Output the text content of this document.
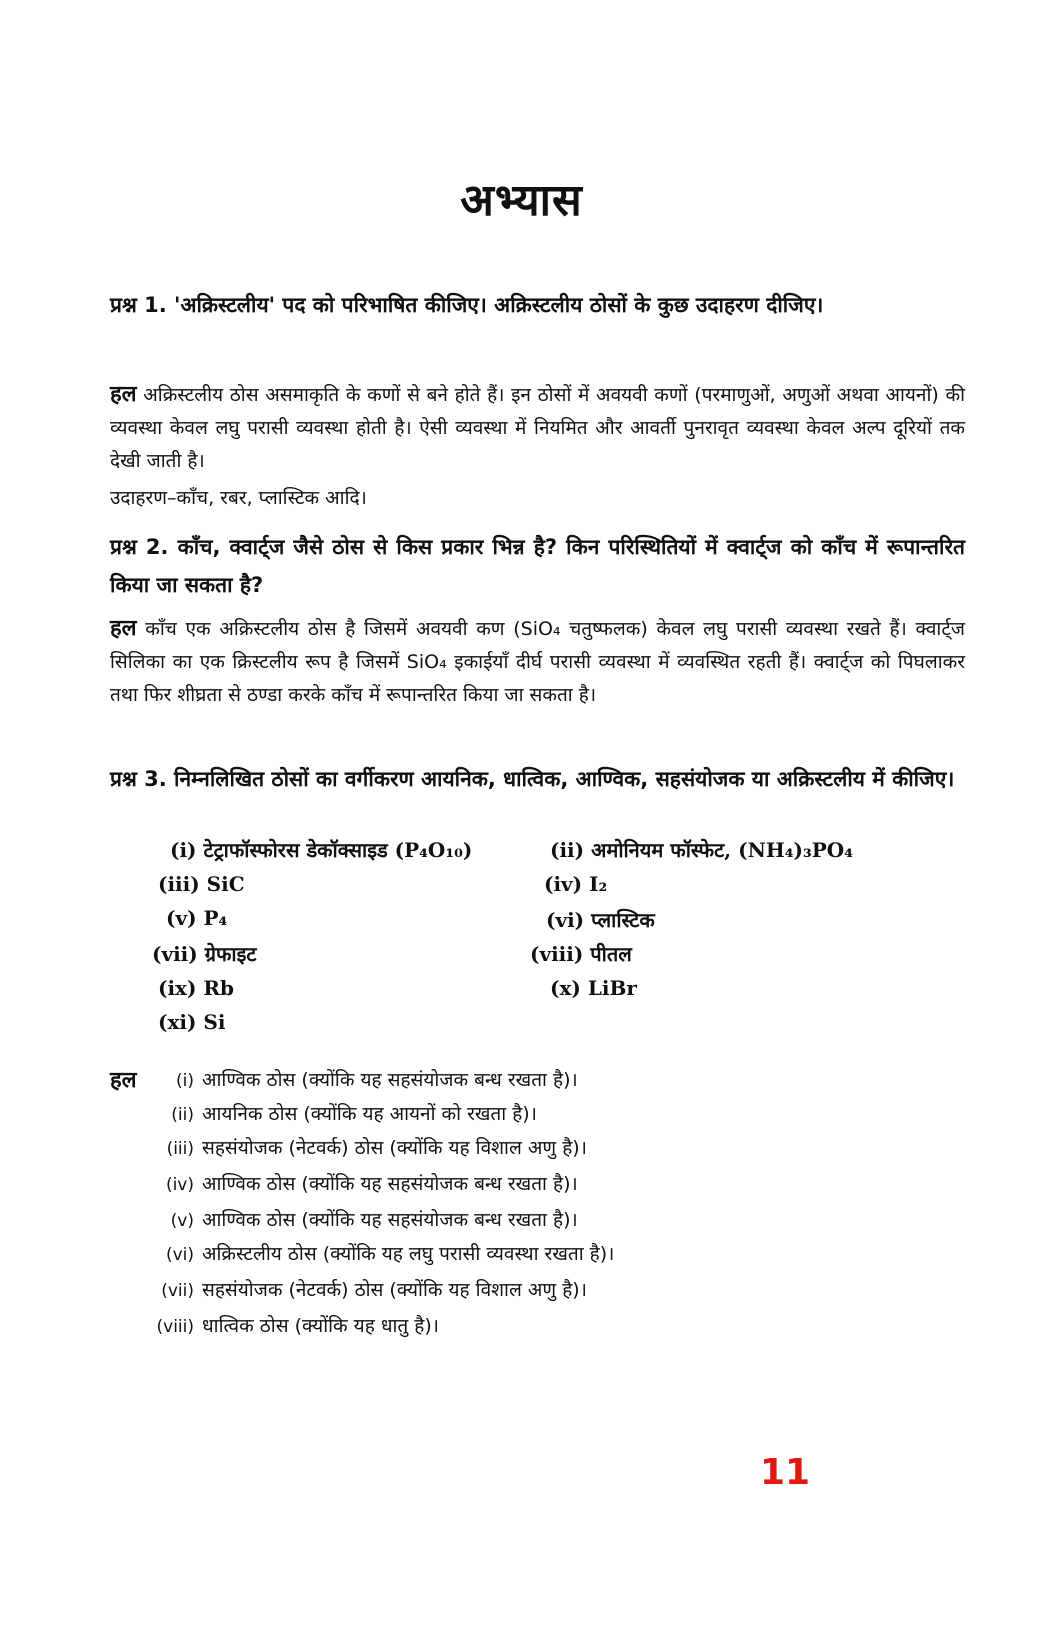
अभ्यास
प्रश्न 1. 'अक्रिस्टलीय' पद को परिभाषित कीजिए। अक्रिस्टलीय ठोसों के कुछ उदाहरण दीजिए।
हल अक्रिस्टलीय ठोस असमाकृति के कणों से बने होते हैं। इन ठोसों में अवयवी कणों (परमाणुओं, अणुओं अथवा आयनों) की व्यवस्था केवल लघु परासी व्यवस्था होती है। ऐसी व्यवस्था में नियमित और आवर्ती पुनरावृत व्यवस्था केवल अल्प दूरियों तक देखी जाती है।
उदाहरण–काँच, रबर, प्लास्टिक आदि।
प्रश्न 2. काँच, क्वार्ट्ज जैसे ठोस से किस प्रकार भिन्न है? किन परिस्थितियों में क्वार्ट्ज को काँच में रूपान्तरित किया जा सकता है?
हल काँच एक अक्रिस्टलीय ठोस है जिसमें अवयवी कण (SiO₄ चतुष्फलक) केवल लघु परासी व्यवस्था रखते हैं। क्वार्ट्ज सिलिका का एक क्रिस्टलीय रूप है जिसमें SiO₄ इकाईयाँ दीर्घ परासी व्यवस्था में व्यवस्थित रहती हैं। क्वार्ट्ज को पिघलाकर तथा फिर शीघ्रता से ठण्डा करके काँच में रूपान्तरित किया जा सकता है।
प्रश्न 3. निम्नलिखित ठोसों का वर्गीकरण आयनिक, धात्विक, आण्विक, सहसंयोजक या अक्रिस्टलीय में कीजिए।
(i) टेट्राफॉस्फोरस डेकॉक्साइड (P₄O₁₀)	(ii) अमोनियम फॉस्फेट, (NH₄)₃PO₄
(iii) SiC	(iv) I₂
(v) P₄	(vi) प्लास्टिक
(vii) ग्रेफाइट	(viii) पीतल
(ix) Rb	(x) LiBr
(xi) Si
हल	(i) आण्विक ठोस (क्योंकि यह सहसंयोजक बन्ध रखता है)।
(ii) आयनिक ठोस (क्योंकि यह आयनों को रखता है)।
(iii) सहसंयोजक (नेटवर्क) ठोस (क्योंकि यह विशाल अणु है)।
(iv) आण्विक ठोस (क्योंकि यह सहसंयोजक बन्ध रखता है)।
(v) आण्विक ठोस (क्योंकि यह सहसंयोजक बन्ध रखता है)।
(vi) अक्रिस्टलीय ठोस (क्योंकि यह लघु परासी व्यवस्था रखता है)।
(vii) सहसंयोजक (नेटवर्क) ठोस (क्योंकि यह विशाल अणु है)।
(viii) धात्विक ठोस (क्योंकि यह धातु है)।
11
